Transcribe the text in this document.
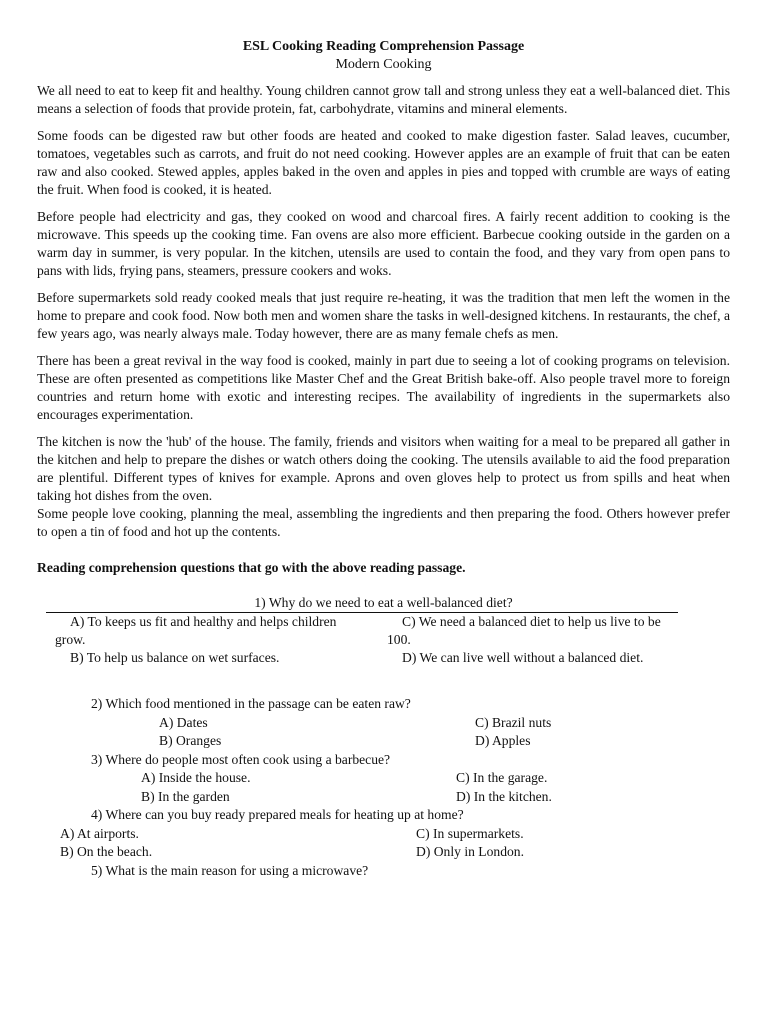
ESL Cooking Reading Comprehension Passage
Modern Cooking

We all need to eat to keep fit and healthy. Young children cannot grow tall and strong unless they eat a well-balanced diet. This means a selection of foods that provide protein, fat, carbohydrate, vitamins and mineral elements.

Some foods can be digested raw but other foods are heated and cooked to make digestion faster. Salad leaves, cucumber, tomatoes, vegetables such as carrots, and fruit do not need cooking. However apples are an example of fruit that can be eaten raw and also cooked. Stewed apples, apples baked in the oven and apples in pies and topped with crumble are ways of eating the fruit. When food is cooked, it is heated.

Before people had electricity and gas, they cooked on wood and charcoal fires. A fairly recent addition to cooking is the microwave. This speeds up the cooking time. Fan ovens are also more efficient. Barbecue cooking outside in the garden on a warm day in summer, is very popular. In the kitchen, utensils are used to contain the food, and they vary from open pans to pans with lids, frying pans, steamers, pressure cookers and woks.

Before supermarkets sold ready cooked meals that just require re-heating, it was the tradition that men left the women in the home to prepare and cook food. Now both men and women share the tasks in well-designed kitchens. In restaurants, the chef, a few years ago, was nearly always male. Today however, there are as many female chefs as men.

There has been a great revival in the way food is cooked, mainly in part due to seeing a lot of cooking programs on television. These are often presented as competitions like Master Chef and the Great British bake-off. Also people travel more to foreign countries and return home with exotic and interesting recipes. The availability of ingredients in the supermarkets also encourages experimentation.

The kitchen is now the 'hub' of the house. The family, friends and visitors when waiting for a meal to be prepared all gather in the kitchen and help to prepare the dishes or watch others doing the cooking. The utensils available to aid the food preparation are plentiful. Different types of knives for example. Aprons and oven gloves help to protect us from spills and heat when taking hot dishes from the oven.

Some people love cooking, planning the meal, assembling the ingredients and then preparing the food. Others however prefer to open a tin of food and hot up the contents.

Reading comprehension questions that go with the above reading passage.
1) Why do we need to eat a well-balanced diet?
A) To keeps us fit and healthy and helps children
grow.
C) We need a balanced diet to help us live to be
100.
B) To help us balance on wet surfaces.	D) We can live well without a balanced diet.
2) Which food mentioned in the passage can be eaten raw?
A) Dates	C) Brazil nuts
B) Oranges	D) Apples
3) Where do people most often cook using a barbecue?
A) Inside the house.	C) In the garage.
B) In the garden	D) In the kitchen.
4) Where can you buy ready prepared meals for heating up at home?
A) At airports.	C) In supermarkets.
B) On the beach.	D) Only in London.
5) What is the main reason for using a microwave?
